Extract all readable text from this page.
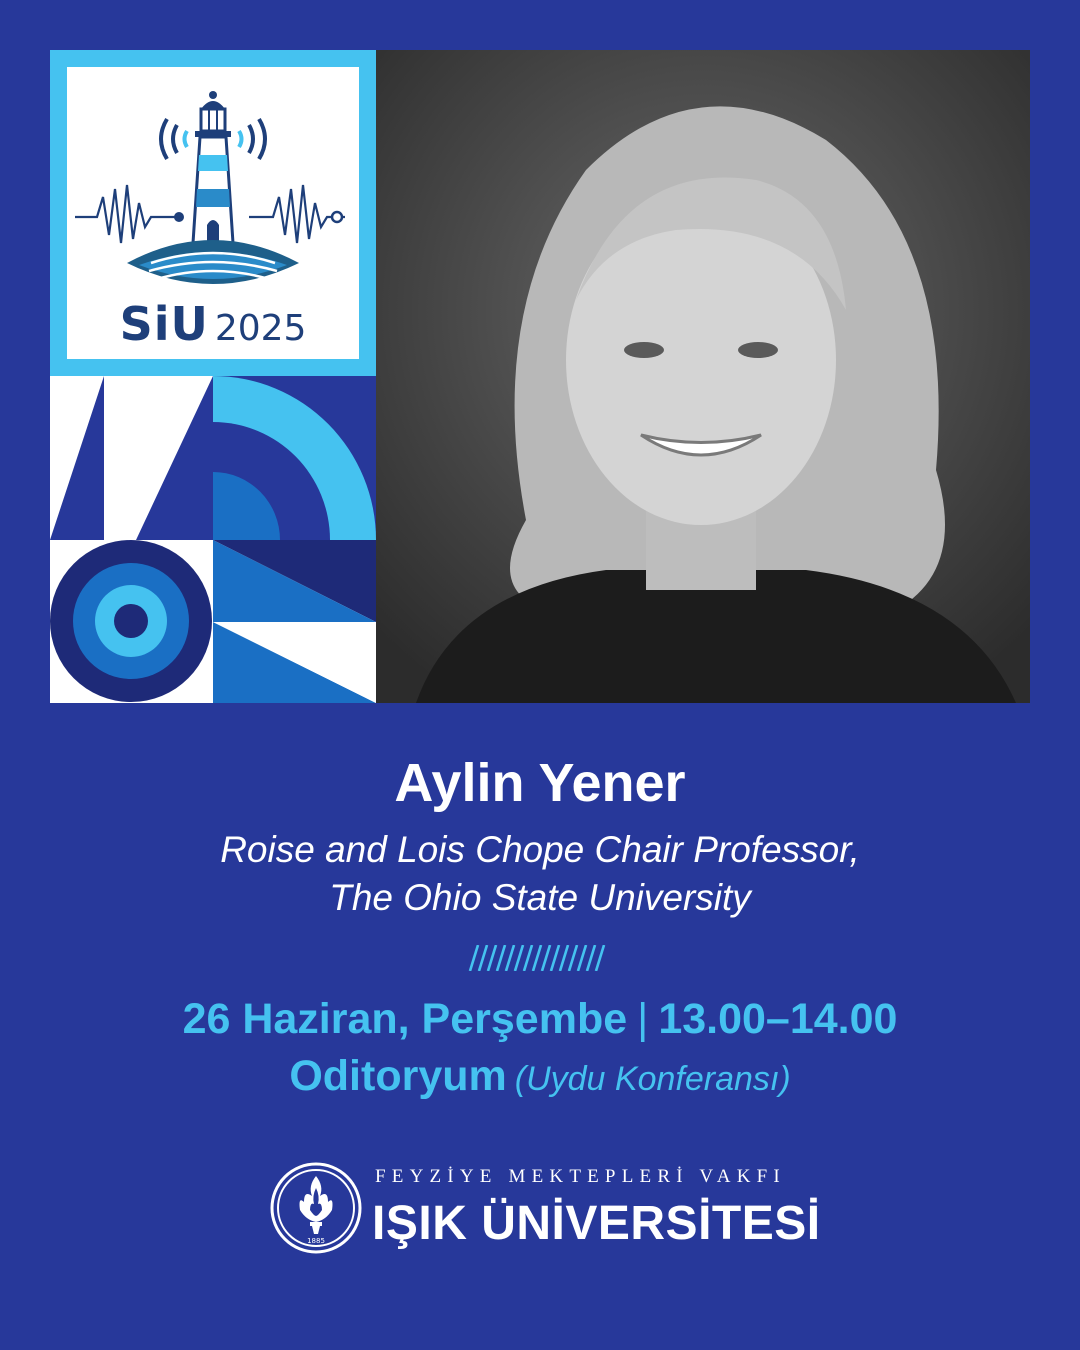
SiU 2025
Aylin Yener
Roise and Lois Chope Chair Professor,
The Ohio State University
26 Haziran, Perşembe | 13.00–14.00
Oditoryum (Uydu Konferansı)
1885
FEYZİYE MEKTEPLERİ VAKFI
IŞIK ÜNİVERSİTESİ
